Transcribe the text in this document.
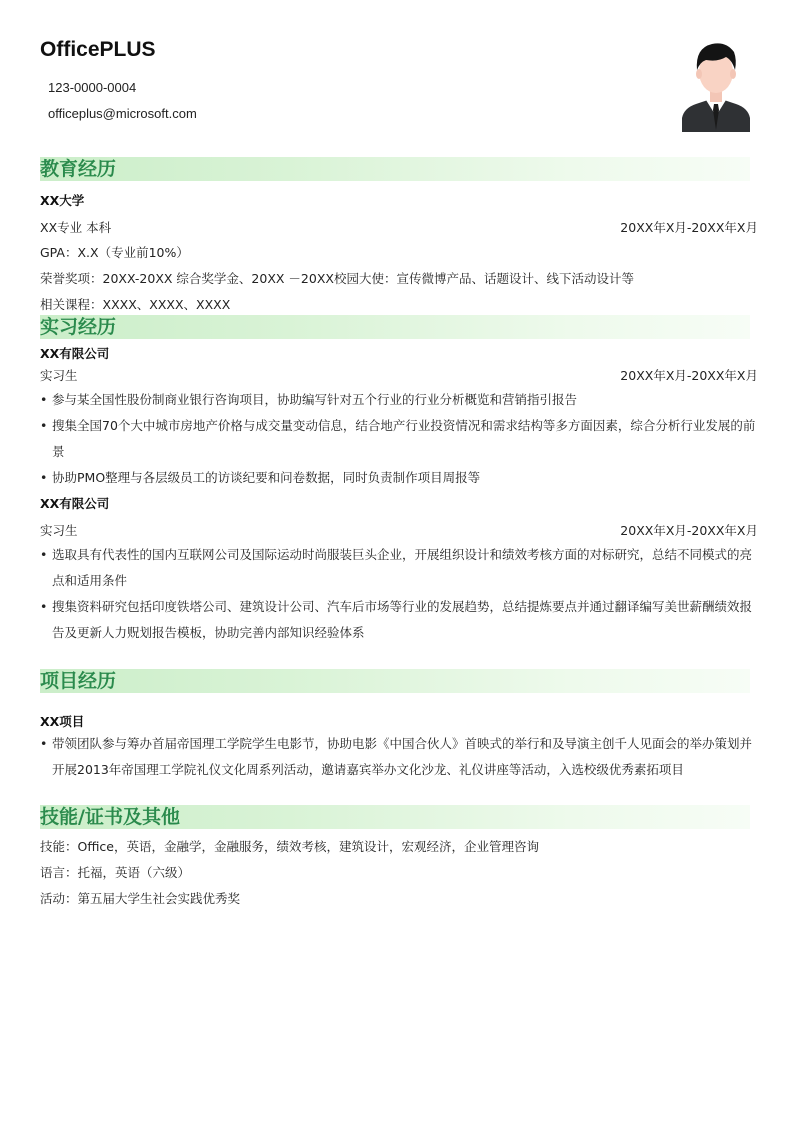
OfficePLUS
123-0000-0004
officeplus@microsoft.com
教育经历
XX大学
XX专业 本科	20XX年X月-20XX年X月
GPA：X.X（专业前10%）
荣誉奖项：20XX-20XX 综合奖学金、20XX －20XX校园大使：宣传微博产品、话题设计、线下活动设计等
相关课程：XXXX、XXXX、XXXX
实习经历
XX有限公司
实习生	20XX年X月-20XX年X月
• 参与某全国性股份制商业银行咨询项目，协助编写针对五个行业的行业分析概览和营销指引报告
• 搜集全国70个大中城市房地产价格与成交量变动信息，结合地产行业投资情况和需求结构等多方面因素，综合分析行业发展的前景
• 协助PMO整理与各层级员工的访谈纪要和问卷数据，同时负责制作项目周报等
XX有限公司
实习生	20XX年X月-20XX年X月
• 选取具有代表性的国内互联网公司及国际运动时尚服装巨头企业，开展组织设计和绩效考核方面的对标研究，总结不同模式的亮点和适用条件
• 搜集资料研究包括印度铁塔公司、建筑设计公司、汽车后市场等行业的发展趋势，总结提炼要点并通过翻译编写美世薪酬绩效报告及更新人力贶划报告模板，协助完善内部知识经验体系
项目经历
XX项目
• 带领团队参与筹办首届帝国理工学院学生电影节，协助电影《中国合伙人》首映式的举行和及导演主创千人见面会的举办策划并开展2013年帝国理工学院礼仪文化周系列活动，邀请嘉宾举办文化沙龙、礼仪讲座等活动，入选校级优秀素拓项目
技能/证书及其他
技能：Office，英语，金融学，金融服务，绩效考核，建筑设计，宏观经济，企业管理咨询
语言：托福，英语（六级）
活动：第五届大学生社会实践优秀奖
